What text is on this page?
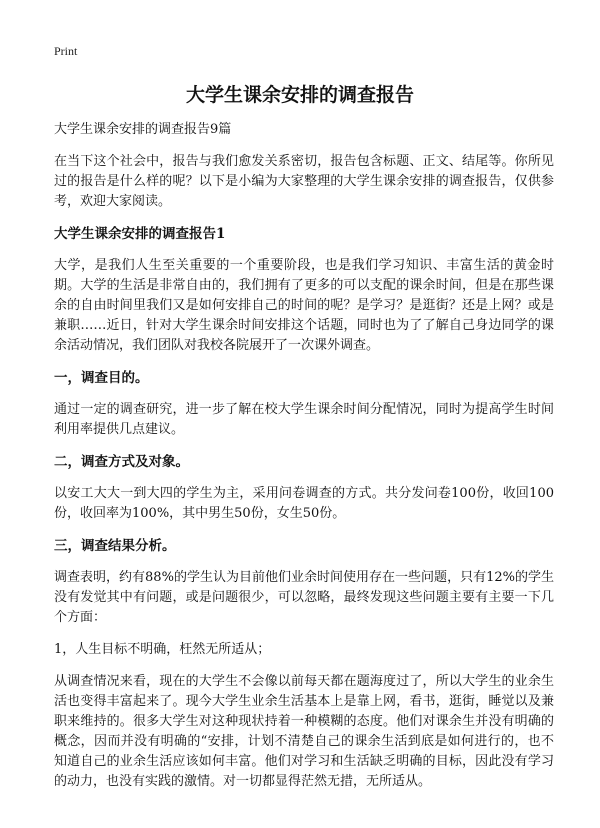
Print
大学生课余安排的调查报告

大学生课余安排的调查报告9篇

在当下这个社会中，报告与我们愈发关系密切，报告包含标题、正文、结尾等。你所见过的报告是什么样的呢？以下是小编为大家整理的大学生课余安排的调查报告，仅供参考，欢迎大家阅读。

大学生课余安排的调查报告1

大学，是我们人生至关重要的一个重要阶段，也是我们学习知识、丰富生活的黄金时期。大学的生活是非常自由的，我们拥有了更多的可以支配的课余时间，但是在那些课余的自由时间里我们又是如何安排自己的时间的呢？是学习？是逛街？还是上网？或是兼职……近日，针对大学生课余时间安排这个话题，同时也为了了解自己身边同学的课余活动情况，我们团队对我校各院展开了一次课外调查。

一，调查目的。

通过一定的调查研究，进一步了解在校大学生课余时间分配情况，同时为提高学生时间利用率提供几点建议。

二，调查方式及对象。

以安工大大一到大四的学生为主，采用问卷调查的方式。共分发问卷100份，收回100份，收回率为100%，其中男生50份，女生50份。

三，调查结果分析。

调查表明，约有88%的学生认为目前他们业余时间使用存在一些问题，只有12%的学生没有发觉其中有问题，或是问题很少，可以忽略，最终发现这些问题主要有主要一下几个方面：

1，人生目标不明确，枉然无所适从；

从调查情况来看，现在的大学生不会像以前每天都在题海度过了，所以大学生的业余生活也变得丰富起来了。现今大学生业余生活基本上是靠上网，看书，逛街，睡觉以及兼职来维持的。很多大学生对这种现状持着一种模糊的态度。他们对课余生并没有明确的概念，因而并没有明确的“安排，计划不清楚自己的课余生活到底是如何进行的，也不知道自己的业余生活应该如何丰富。他们对学习和生活缺乏明确的目标，因此没有学习的动力，也没有实践的激情。对一切都显得茫然无措，无所适从。
